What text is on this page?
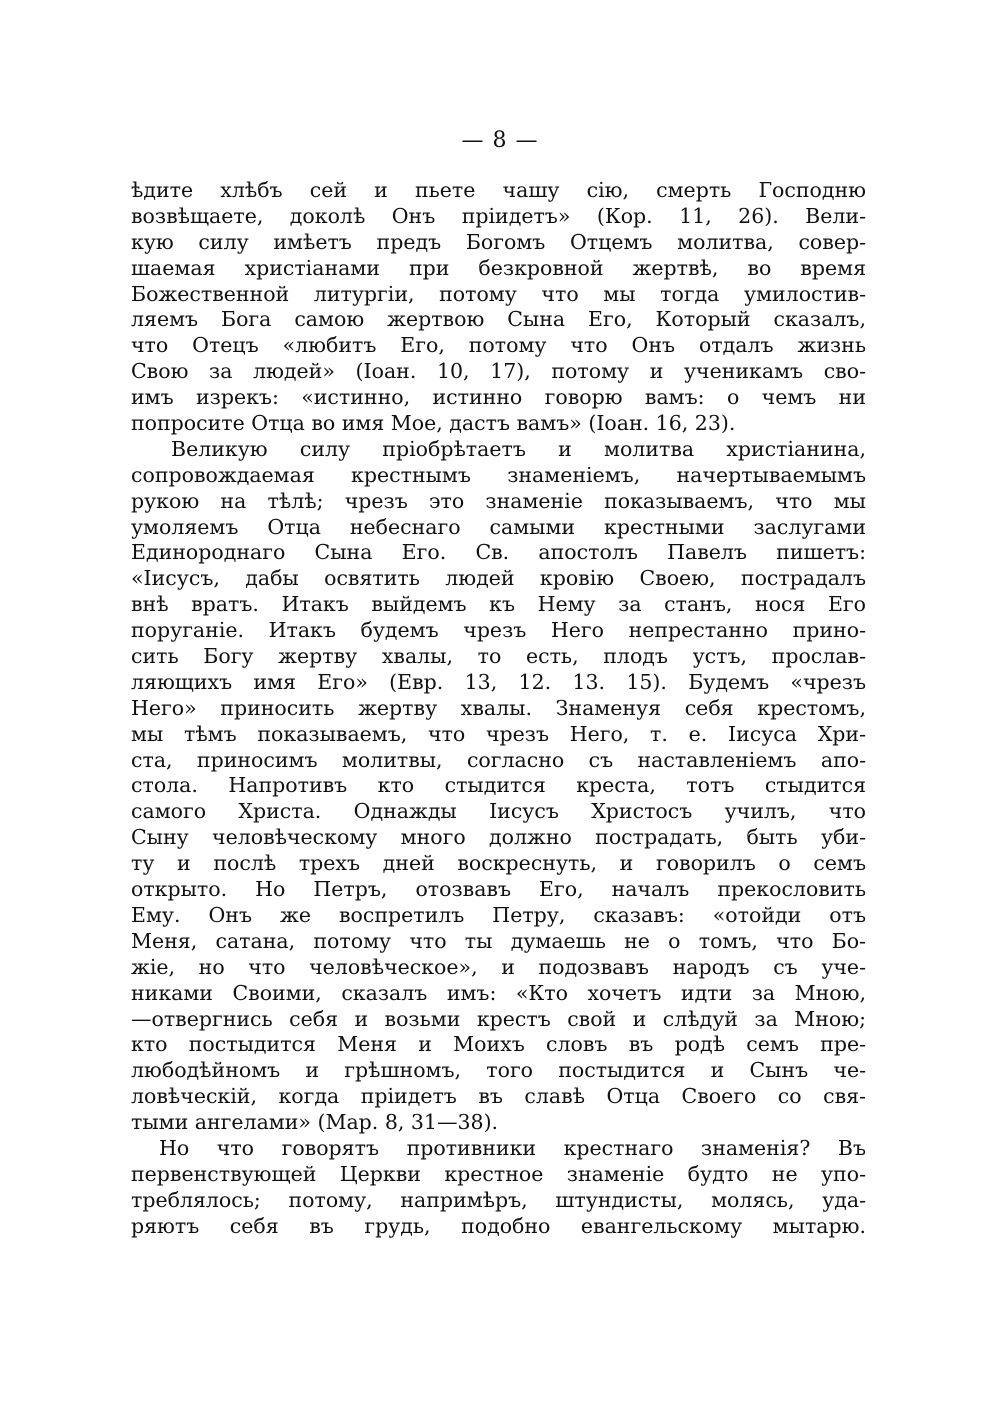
— 8 —
ѣдите хлѣбъ сей и пьете чашу сію, смерть Господню
возвѣщаете, доколѣ Онъ пріидетъ» (Кор. 11, 26). Вели-
кую силу имѣетъ предъ Богомъ Отцемъ молитва, совер-
шаемая христіанами при безкровной жертвѣ, во время
Божественной литургіи, потому что мы тогда умилостив-
ляемъ Бога самою жертвою Сына Его, Который сказалъ,
что Отецъ «любитъ Его, потому что Онъ отдалъ жизнь
Свою за людей» (Іоан. 10, 17), потому и ученикамъ сво-
имъ изрекъ: «истинно, истинно говорю вамъ: о чемъ ни
попросите Отца во имя Мое, дастъ вамъ» (Іоан. 16, 23).
Великую силу пріобрѣтаетъ и молитва христіанина,
сопровождаемая крестнымъ знаменіемъ, начертываемымъ
рукою на тѣлѣ; чрезъ это знаменіе показываемъ, что мы
умоляемъ Отца небеснаго самыми крестными заслугами
Единороднаго Сына Его. Св. апостолъ Павелъ пишетъ:
«Іисусъ, дабы освятить людей кровію Своею, пострадалъ
внѣ вратъ. Итакъ выйдемъ къ Нему за станъ, нося Его
поруганіе. Итакъ будемъ чрезъ Него непрестанно прино-
сить Богу жертву хвалы, то есть, плодъ устъ, прослав-
ляющихъ имя Его» (Евр. 13, 12. 13. 15). Будемъ «чрезъ
Него» приносить жертву хвалы. Знаменуя себя крестомъ,
мы тѣмъ показываемъ, что чрезъ Него, т. е. Іисуса Хри-
ста, приносимъ молитвы, согласно съ наставленіемъ апо-
стола. Напротивъ кто стыдится креста, тотъ стыдится
самого Христа. Однажды Іисусъ Христосъ училъ, что
Сыну человѣческому много должно пострадать, быть уби-
ту и послѣ трехъ дней воскреснуть, и говорилъ о семъ
открыто. Но Петръ, отозвавъ Его, началъ прекословить
Ему. Онъ же воспретилъ Петру, сказавъ: «отойди отъ
Меня, сатана, потому что ты думаешь не о томъ, что Бо-
жіе, но что человѣческое», и подозвавъ народъ съ уче-
никами Своими, сказалъ имъ: «Кто хочетъ идти за Мною,
—отвергнись себя и возьми крестъ свой и слѣдуй за Мною;
кто постыдится Меня и Моихъ словъ въ родѣ семъ пре-
любодѣйномъ и грѣшномъ, того постыдится и Сынъ че-
ловѣческій, когда пріидетъ въ славѣ Отца Своего со свя-
тыми ангелами» (Мар. 8, 31—38).
Но что говорятъ противники крестнаго знаменія? Въ
первенствующей Церкви крестное знаменіе будто не упо-
треблялось; потому, напримѣръ, штундисты, молясь, уда-
ряютъ себя въ грудь, подобно евангельскому мытарю.
